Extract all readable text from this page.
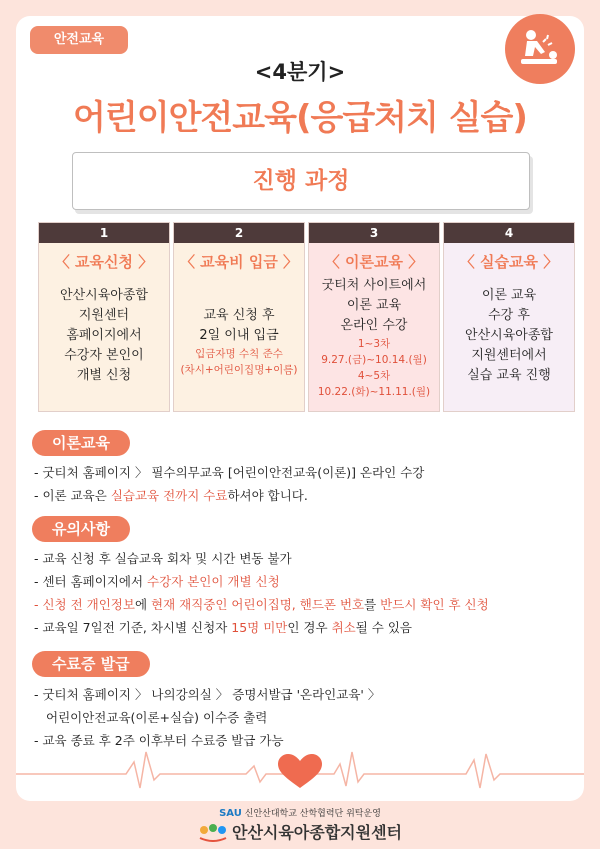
안전교육
<4분기>
어린이안전교육(응급처치 실습)
진행 과정
1
〈 교육신청 〉
안산시육아종합
지원센터
홈페이지에서
수강자 본인이
개별 신청
2
〈 교육비 입금 〉
교육 신청 후
2일 이내 입금
입금자명 수칙 준수
(차시+어린이집명+이름)
3
〈 이론교육 〉
굿티처 사이트에서
이론 교육
온라인 수강
1~3차
9.27.(금)~10.14.(월)
4~5차
10.22.(화)~11.11.(월)
4
〈 실습교육 〉
이론 교육
수강 후
안산시육아종합
지원센터에서
실습 교육 진행
이론교육
- 굿티처 홈페이지 〉 필수의무교육 [어린이안전교육(이론)] 온라인 수강
- 이론 교육은 실습교육 전까지 수료하셔야 합니다.
유의사항
- 교육 신청 후 실습교육 회차 및 시간 변동 불가
- 센터 홈페이지에서 수강자 본인이 개별 신청
- 신청 전 개인정보에 현재 재직중인 어린이집명, 핸드폰 번호를 반드시 확인 후 신청
- 교육일 7일전 기준, 차시별 신청자 15명 미만인 경우 취소될 수 있음
수료증 발급
- 굿티처 홈페이지 〉 나의강의실 〉 증명서발급 '온라인교육' 〉
어린이안전교육(이론+실습) 이수증 출력
- 교육 종료 후 2주 이후부터 수료증 발급 가능
SAU 신안산대학교 산학협력단 위탁운영
안산시육아종합지원센터
